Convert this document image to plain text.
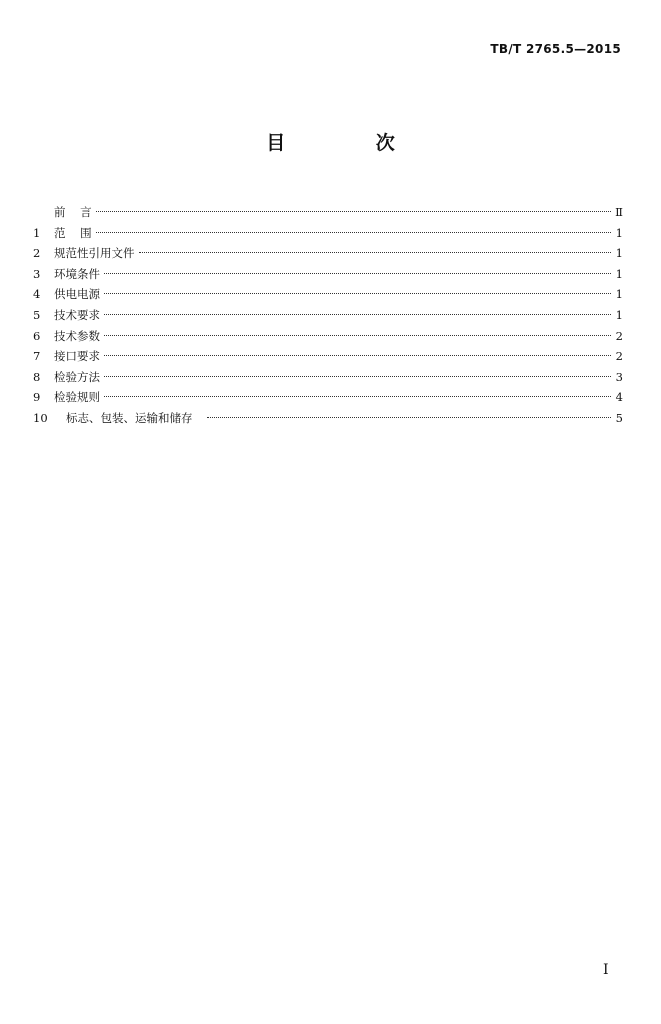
TB/T 2765.5—2015
目 次
前    言	Ⅱ
1	范    围	1
2	规范性引用文件	1
3	环境条件	1
4	供电电源	1
5	技术要求	1
6	技术参数	2
7	接口要求	2
8	检验方法	3
9	检验规则	4
10	标志、包装、运输和储存	5
I
